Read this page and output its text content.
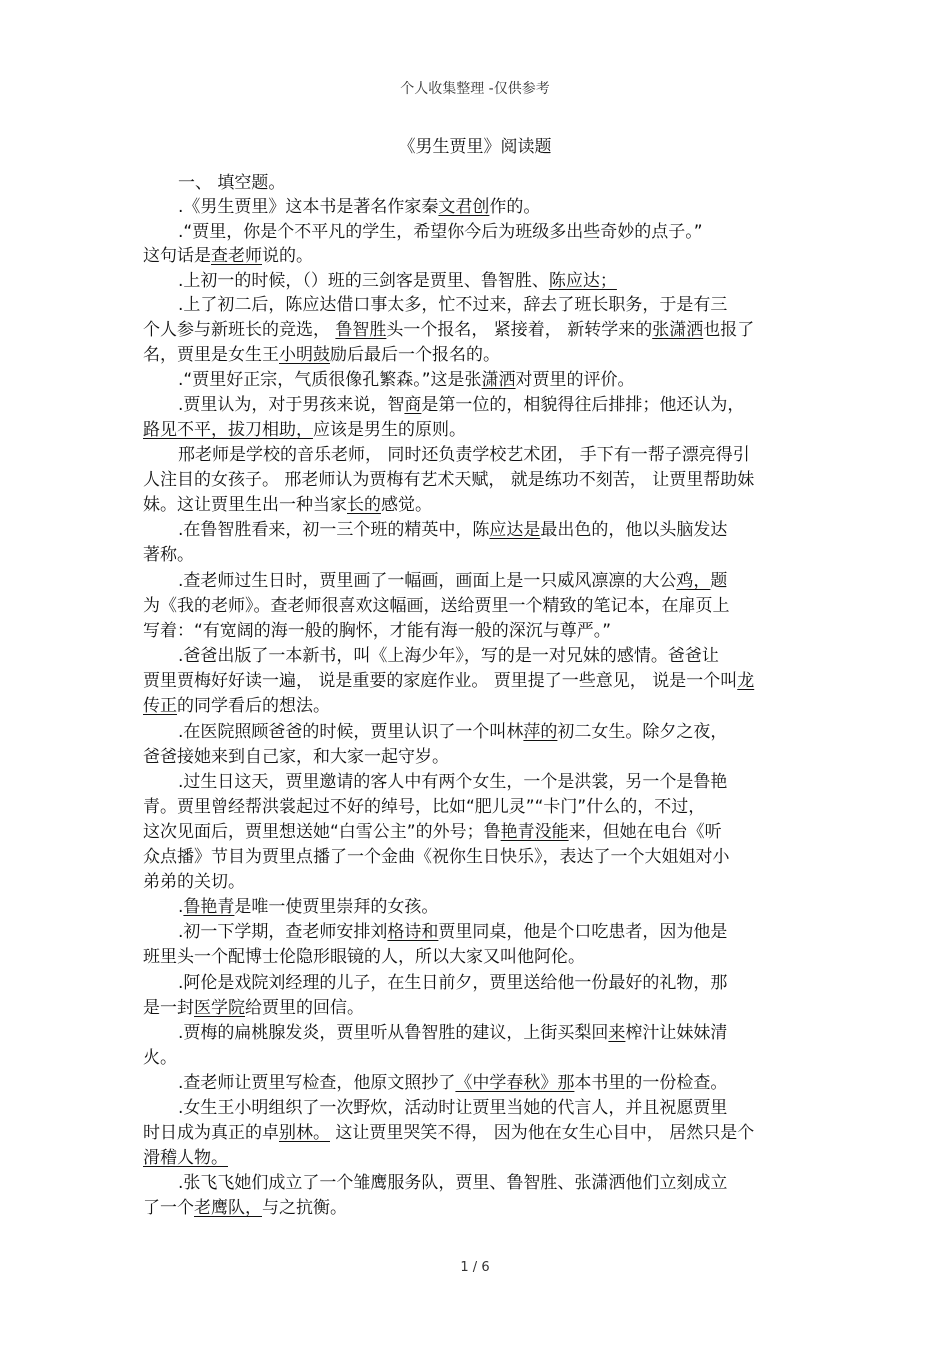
个人收集整理 -仅供参考
《男生贾里》阅读题
一、 填空题。
.《男生贾里》这本书是著名作家秦文君创作的。
.“贾里，你是个不平凡的学生，希望你今后为班级多出些奇妙的点子。”
这句话是查老师说的。
.上初一的时候，（）班的三剑客是贾里、鲁智胜、陈应达；
.上了初二后，陈应达借口事太多，忙不过来，辞去了班长职务，于是有三
个人参与新班长的竞选， 鲁智胜头一个报名， 紧接着， 新转学来的张潇洒也报了
名，贾里是女生王小明鼓励后最后一个报名的。
.“贾里好正宗，气质很像孔繁森。”这是张潇洒对贾里的评价。
.贾里认为，对于男孩来说，智商是第一位的，相貌得往后排排；他还认为，
路见不平，拔刀相助，应该是男生的原则。
邢老师是学校的音乐老师， 同时还负责学校艺术团， 手下有一帮子漂亮得引
人注目的女孩子。 邢老师认为贾梅有艺术天赋， 就是练功不刻苦， 让贾里帮助妹
妹。这让贾里生出一种当家长的感觉。
.在鲁智胜看来，初一三个班的精英中，陈应达是最出色的，他以头脑发达
著称。
.查老师过生日时，贾里画了一幅画，画面上是一只威风凛凛的大公鸡，题
为《我的老师》。查老师很喜欢这幅画，送给贾里一个精致的笔记本，在扉页上
写着：“有宽阔的海一般的胸怀，才能有海一般的深沉与尊严。”
.爸爸出版了一本新书，叫《上海少年》，写的是一对兄妹的感情。爸爸让
贾里贾梅好好读一遍， 说是重要的家庭作业。 贾里提了一些意见， 说是一个叫龙
传正的同学看后的想法。
.在医院照顾爸爸的时候，贾里认识了一个叫林萍的初二女生。除夕之夜，
爸爸接她来到自己家，和大家一起守岁。
.过生日这天，贾里邀请的客人中有两个女生，一个是洪裳，另一个是鲁艳
青。贾里曾经帮洪裳起过不好的绰号，比如“肥儿灵”“卡门”什么的，不过，
这次见面后，贾里想送她“白雪公主”的外号；鲁艳青没能来，但她在电台《听
众点播》节目为贾里点播了一个金曲《祝你生日快乐》，表达了一个大姐姐对小
弟弟的关切。
.鲁艳青是唯一使贾里崇拜的女孩。
.初一下学期，查老师安排刘格诗和贾里同桌，他是个口吃患者，因为他是
班里头一个配博士伦隐形眼镜的人，所以大家又叫他阿伦。
.阿伦是戏院刘经理的儿子，在生日前夕，贾里送给他一份最好的礼物，那
是一封医学院给贾里的回信。
.贾梅的扁桃腺发炎，贾里听从鲁智胜的建议，上街买梨回来榨汁让妹妹清
火。
.查老师让贾里写检查，他原文照抄了《中学春秋》那本书里的一份检查。
.女生王小明组织了一次野炊，活动时让贾里当她的代言人，并且祝愿贾里
时日成为真正的卓别林。 这让贾里哭笑不得， 因为他在女生心目中， 居然只是个
滑稽人物。
.张飞飞她们成立了一个雏鹰服务队，贾里、鲁智胜、张潇洒他们立刻成立
了一个老鹰队，与之抗衡。
1 / 6
